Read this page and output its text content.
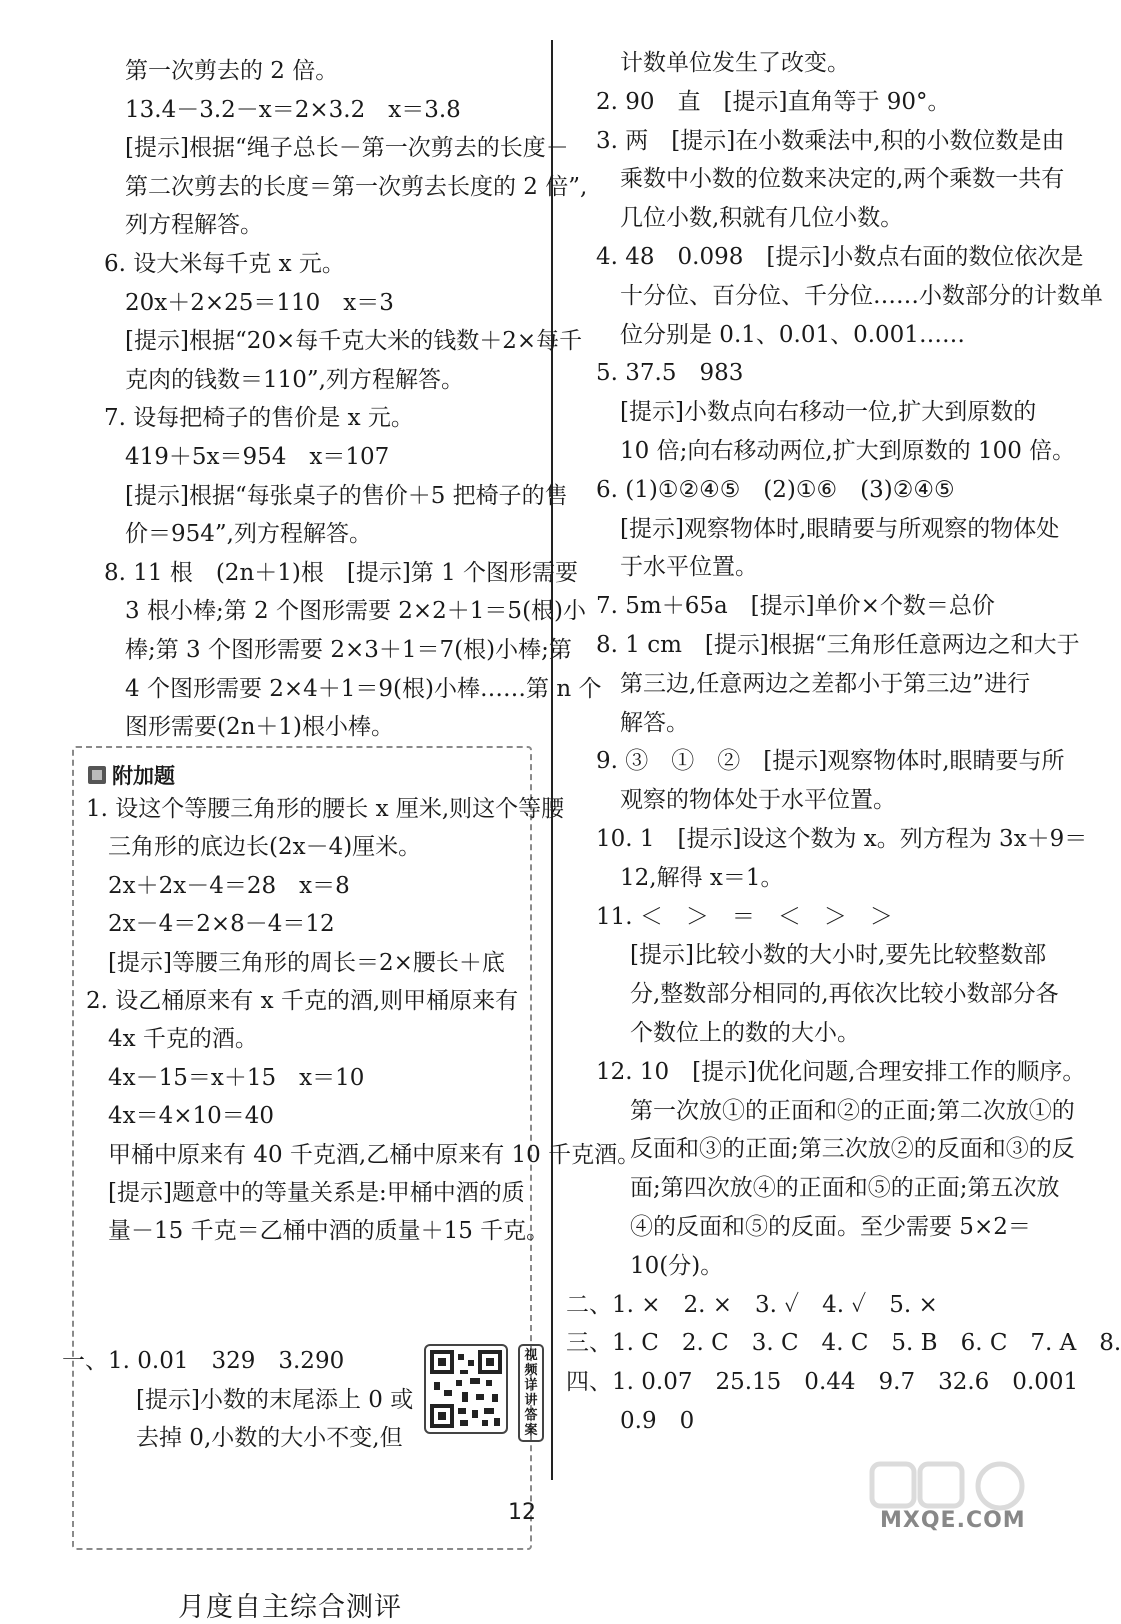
第一次剪去的 2 倍。
13.4－3.2－x＝2×3.2　x＝3.8
[提示]根据“绳子总长－第一次剪去的长度－
第二次剪去的长度＝第一次剪去长度的 2 倍”,
列方程解答。
6. 设大米每千克 x 元。
20x＋2×25＝110　x＝3
[提示]根据“20×每千克大米的钱数＋2×每千
克肉的钱数＝110”,列方程解答。
7. 设每把椅子的售价是 x 元。
419＋5x＝954　x＝107
[提示]根据“每张桌子的售价＋5 把椅子的售
价＝954”,列方程解答。
8. 11 根　(2n＋1)根　[提示]第 1 个图形需要
3 根小棒;第 2 个图形需要 2×2＋1＝5(根)小
棒;第 3 个图形需要 2×3＋1＝7(根)小棒;第
4 个图形需要 2×4＋1＝9(根)小棒……第 n 个
图形需要(2n＋1)根小棒。
附加题
1. 设这个等腰三角形的腰长 x 厘米,则这个等腰
三角形的底边长(2x－4)厘米。
2x＋2x－4＝28　x＝8
2x－4＝2×8－4＝12
[提示]等腰三角形的周长＝2×腰长＋底
2. 设乙桶原来有 x 千克的酒,则甲桶原来有
4x 千克的酒。
4x－15＝x＋15　x＝10
4x＝4×10＝40
甲桶中原来有 40 千克酒,乙桶中原来有 10 千克酒。
[提示]题意中的等量关系是:甲桶中酒的质
量－15 千克＝乙桶中酒的质量＋15 千克。
月度自主综合测评
一、1. 0.01　329　3.290
[提示]小数的末尾添上 0 或
去掉 0,小数的大小不变,但
视频详讲答案
计数单位发生了改变。
2. 90　直　[提示]直角等于 90°。
3. 两　[提示]在小数乘法中,积的小数位数是由
乘数中小数的位数来决定的,两个乘数一共有
几位小数,积就有几位小数。
4. 48　0.098　[提示]小数点右面的数位依次是
十分位、百分位、千分位……小数部分的计数单
位分别是 0.1、0.01、0.001……
5. 37.5　983
[提示]小数点向右移动一位,扩大到原数的
10 倍;向右移动两位,扩大到原数的 100 倍。
6. (1)①②④⑤　(2)①⑥　(3)②④⑤
[提示]观察物体时,眼睛要与所观察的物体处
于水平位置。
7. 5m＋65a　[提示]单价×个数＝总价
8. 1 cm　[提示]根据“三角形任意两边之和大于
第三边,任意两边之差都小于第三边”进行
解答。
9. ③　①　②　[提示]观察物体时,眼睛要与所
观察的物体处于水平位置。
10. 1　[提示]设这个数为 x。列方程为 3x＋9＝
12,解得 x＝1。
11. ＜　＞　＝　＜　＞　＞
[提示]比较小数的大小时,要先比较整数部
分,整数部分相同的,再依次比较小数部分各
个数位上的数的大小。
12. 10　[提示]优化问题,合理安排工作的顺序。
第一次放①的正面和②的正面;第二次放①的
反面和③的正面;第三次放②的反面和③的反
面;第四次放④的正面和⑤的正面;第五次放
④的反面和⑤的反面。至少需要 5×2＝
10(分)。
二、1. ×　2. ×　3. ✓　4. ✓　5. ×
三、1. C　2. C　3. C　4. C　5. B　6. C　7. A　8.
四、1. 0.07　25.15　0.44　9.7　32.6　0.001
0.9　0
12	MXQE.COM
